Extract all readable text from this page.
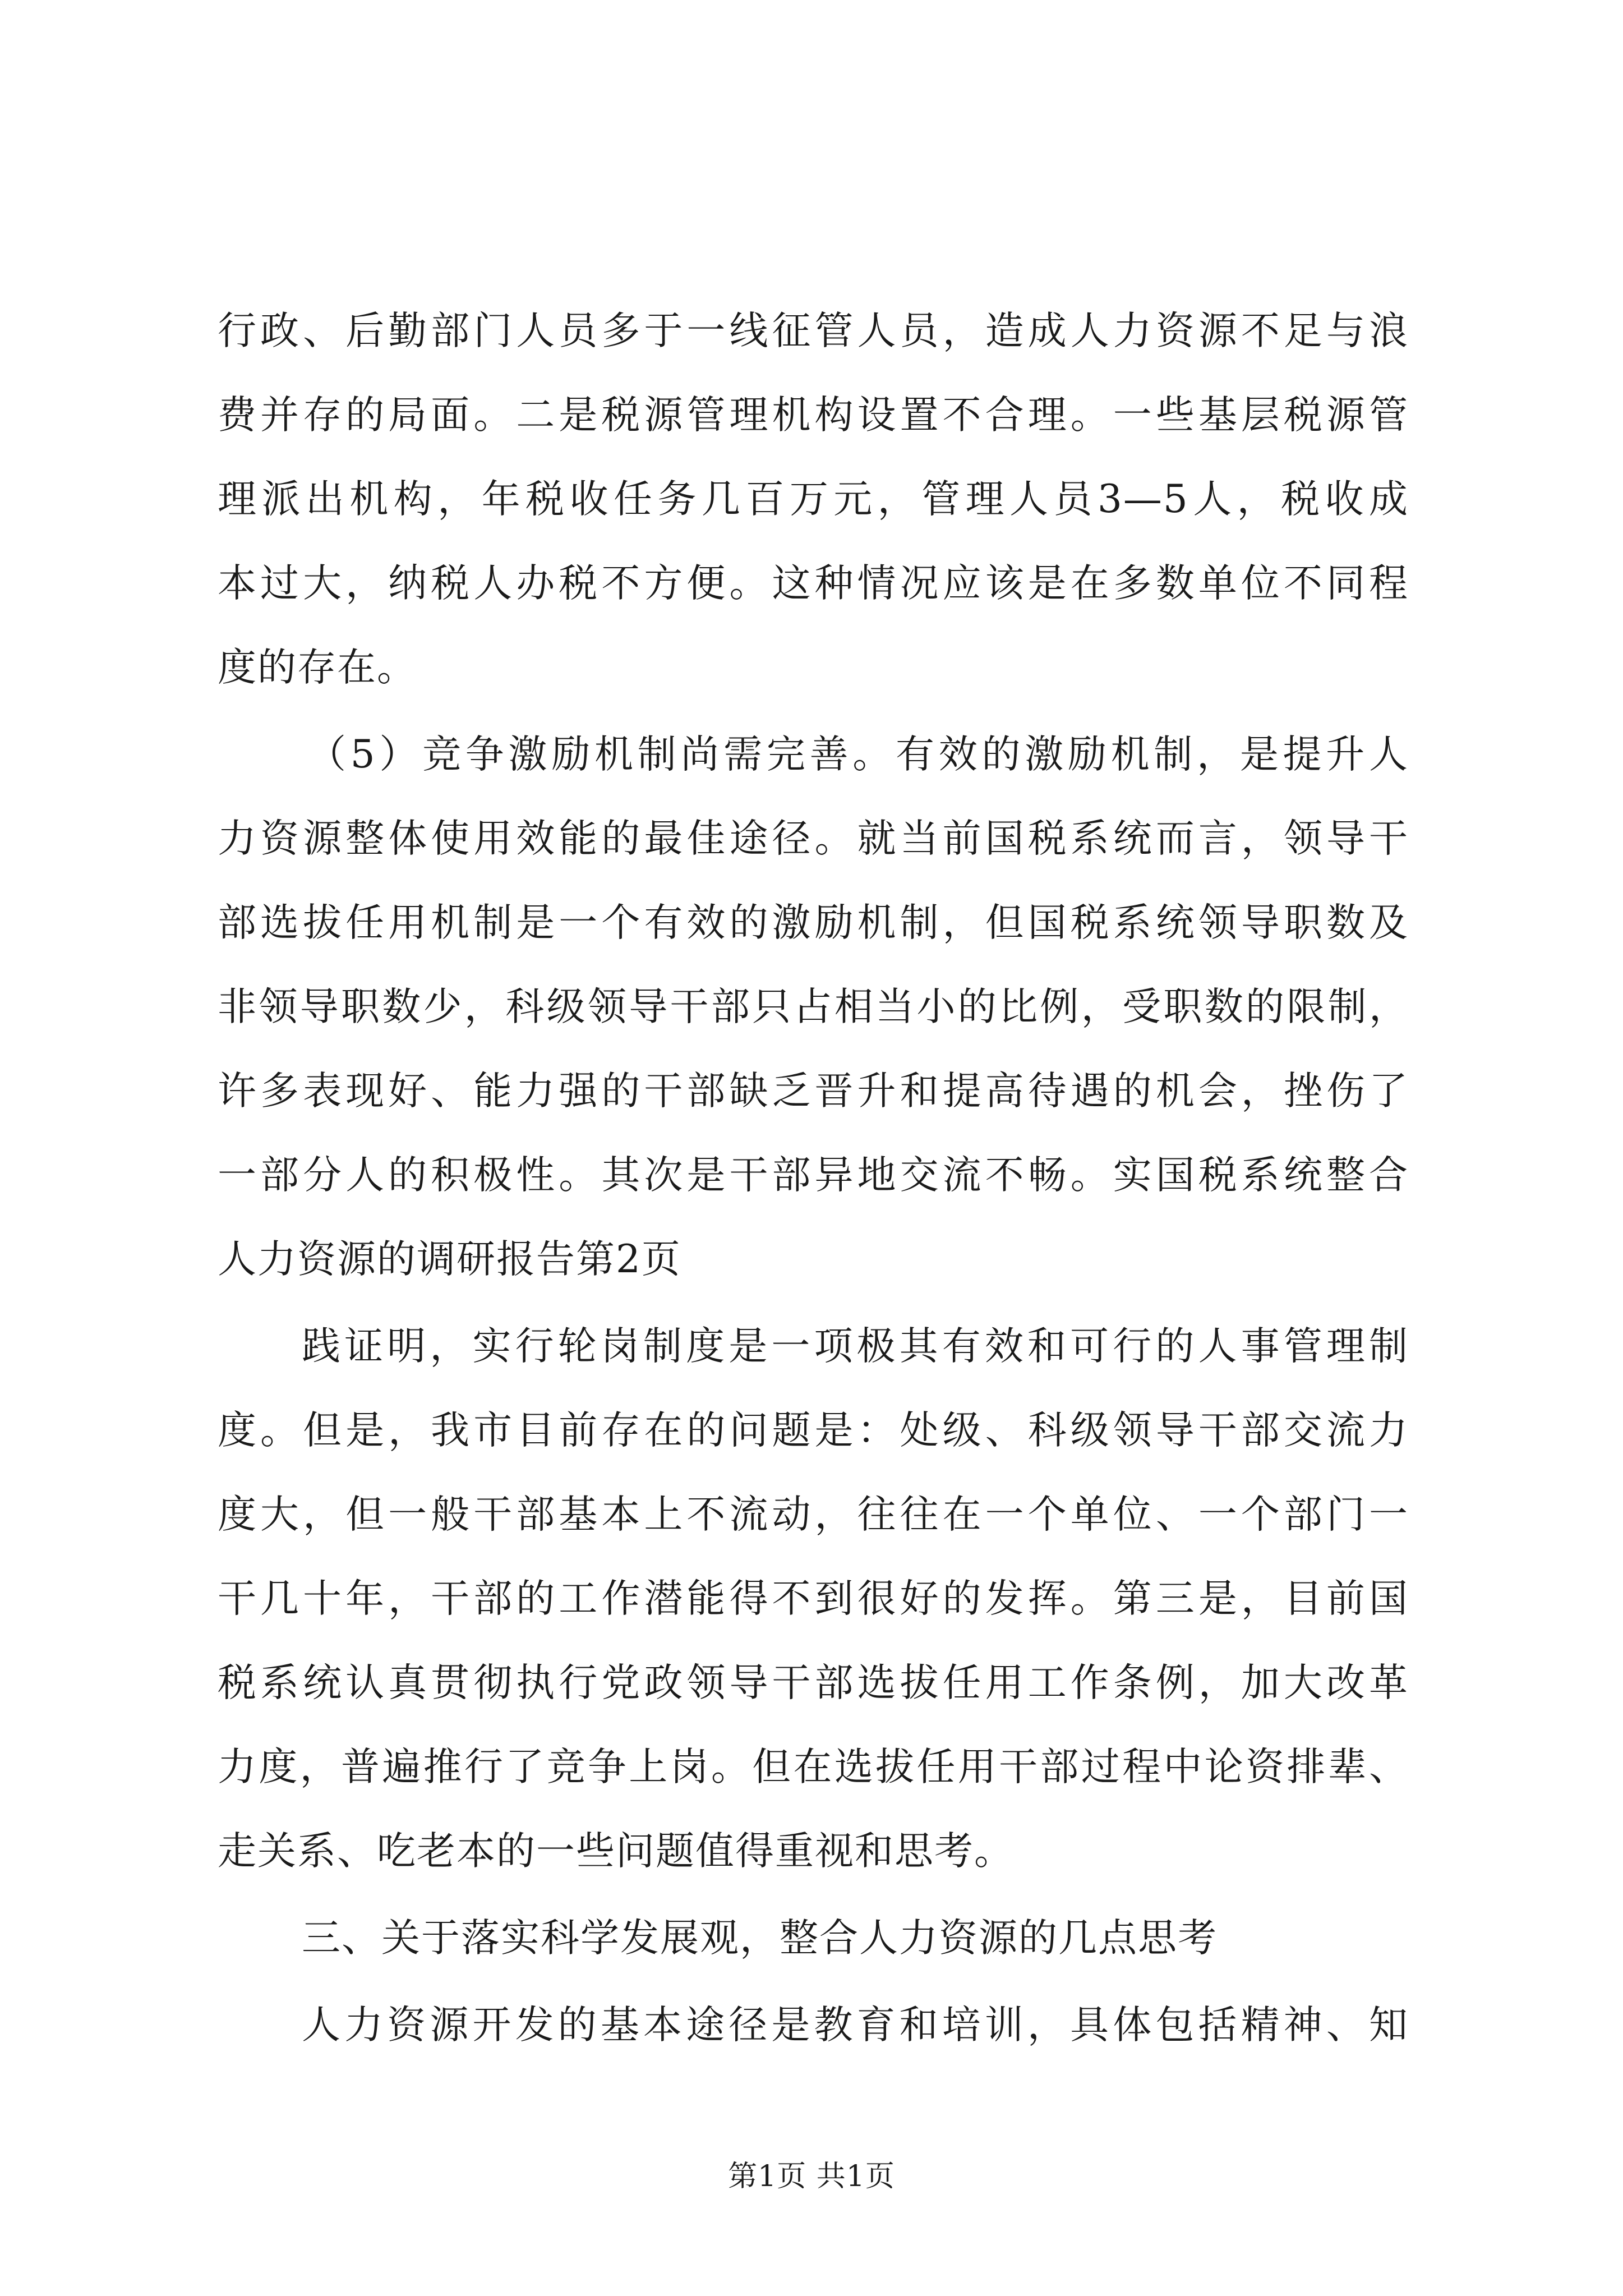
行政、后勤部门人员多于一线征管人员，造成人力资源不足与浪
费并存的局面。二是税源管理机构设置不合理。一些基层税源管
理派出机构，年税收任务几百万元，管理人员3—5人，税收成
本过大，纳税人办税不方便。这种情况应该是在多数单位不同程
度的存在。
（5）竞争激励机制尚需完善。有效的激励机制，是提升人
力资源整体使用效能的最佳途径。就当前国税系统而言，领导干
部选拔任用机制是一个有效的激励机制，但国税系统领导职数及
非领导职数少，科级领导干部只占相当小的比例，受职数的限制，
许多表现好、能力强的干部缺乏晋升和提高待遇的机会，挫伤了
一部分人的积极性。其次是干部异地交流不畅。实国税系统整合
人力资源的调研报告第2页
践证明，实行轮岗制度是一项极其有效和可行的人事管理制
度。但是，我市目前存在的问题是：处级、科级领导干部交流力
度大，但一般干部基本上不流动，往往在一个单位、一个部门一
干几十年，干部的工作潜能得不到很好的发挥。第三是，目前国
税系统认真贯彻执行党政领导干部选拔任用工作条例，加大改革
力度，普遍推行了竞争上岗。但在选拔任用干部过程中论资排辈、
走关系、吃老本的一些问题值得重视和思考。
三、关于落实科学发展观，整合人力资源的几点思考
人力资源开发的基本途径是教育和培训，具体包括精神、知
第1页 共1页
